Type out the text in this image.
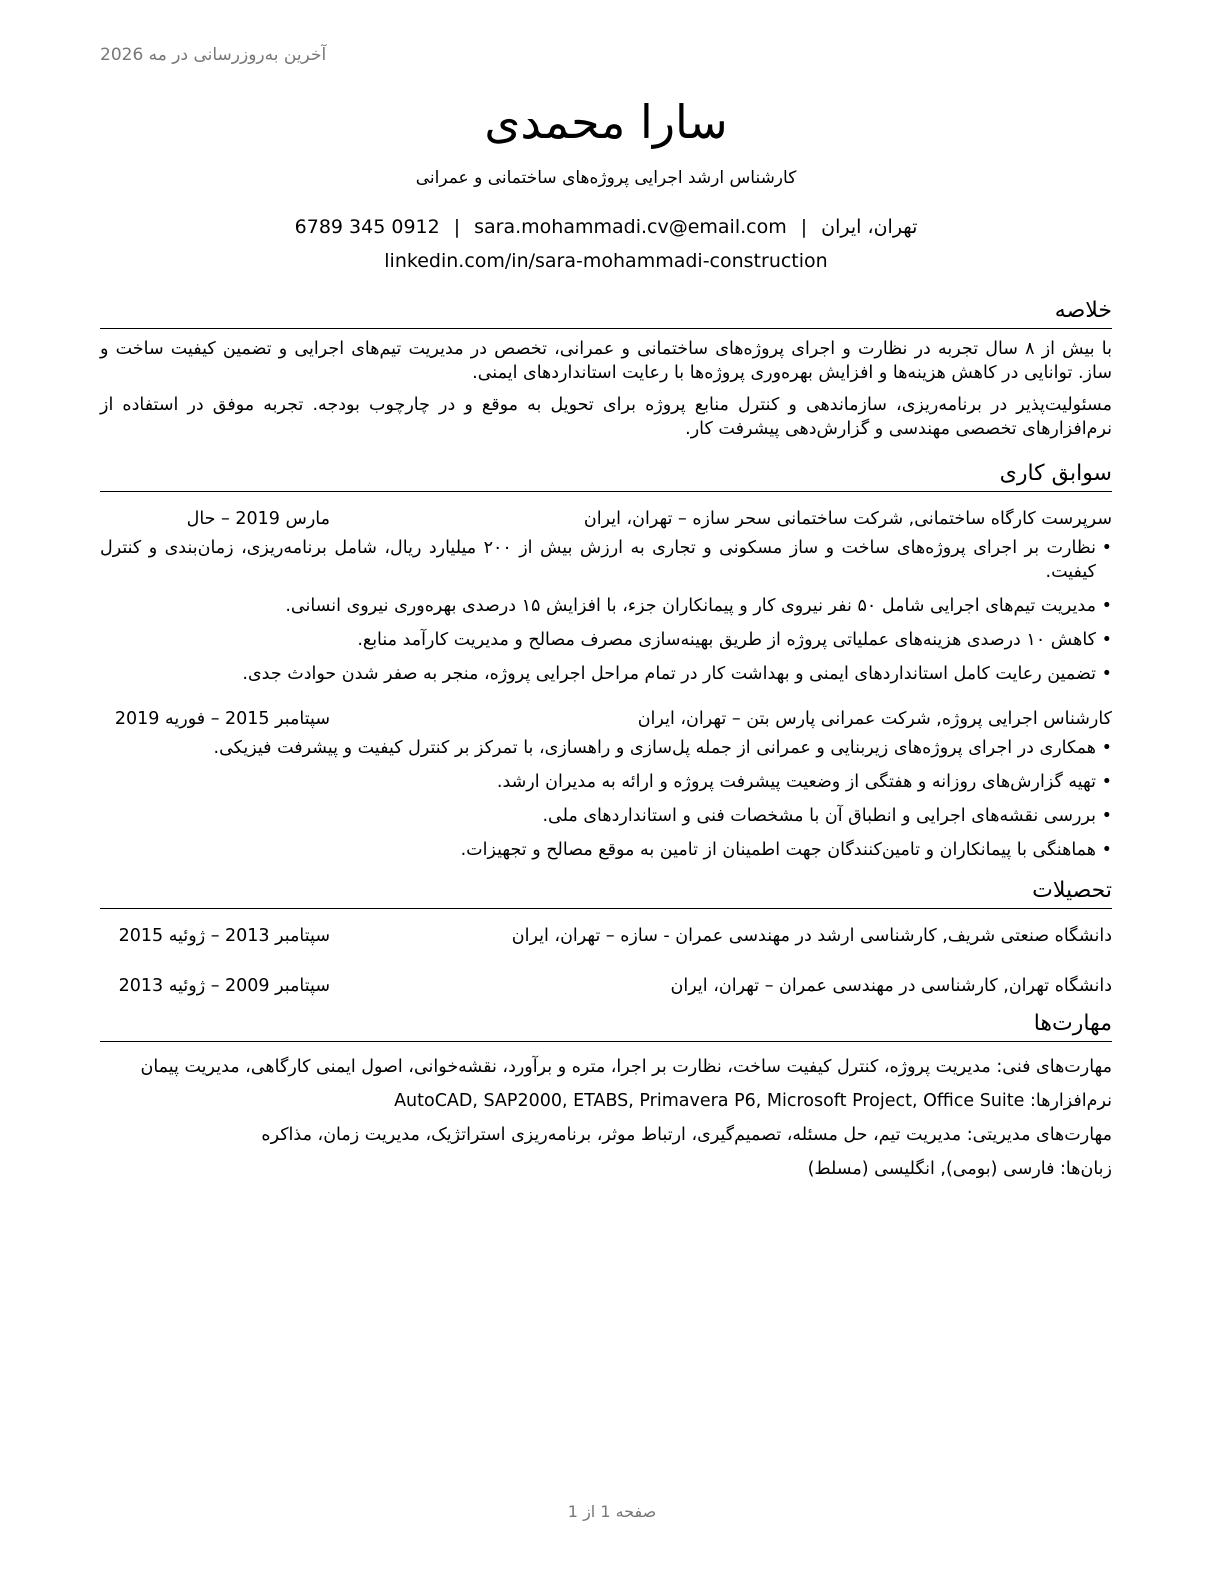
آخرین به‌روزرسانی در مه 2026
سارا محمدی
کارشناس ارشد اجرایی پروژه‌های ساختمانی و عمرانی
تهران، ایران|sara.mohammadi.cv@email.com|0912 345 6789
linkedin.com/in/sara-mohammadi-construction
خلاصه
با بیش از ۸ سال تجربه در نظارت و اجرای پروژه‌های ساختمانی و عمرانی، تخصص در مدیریت تیم‌های اجرایی و تضمین کیفیت ساخت و ساز. توانایی در کاهش هزینه‌ها و افزایش بهره‌وری پروژه‌ها با رعایت استانداردهای ایمنی.
مسئولیت‌پذیر در برنامه‌ریزی، سازماندهی و کنترل منابع پروژه برای تحویل به موقع و در چارچوب بودجه. تجربه موفق در استفاده از نرم‌افزارهای تخصصی مهندسی و گزارش‌دهی پیشرفت کار.
سوابق کاری
سرپرست کارگاه ساختمانی, شرکت ساختمانی سحر سازه – تهران، ایران
مارس 2019 – حال
• نظارت بر اجرای پروژه‌های ساخت و ساز مسکونی و تجاری به ارزش بیش از ۲۰۰ میلیارد ریال، شامل برنامه‌ریزی، زمان‌بندی و کنترل کیفیت.
• مدیریت تیم‌های اجرایی شامل ۵۰ نفر نیروی کار و پیمانکاران جزء، با افزایش ۱۵ درصدی بهره‌وری نیروی انسانی.
• کاهش ۱۰ درصدی هزینه‌های عملیاتی پروژه از طریق بهینه‌سازی مصرف مصالح و مدیریت کارآمد منابع.
• تضمین رعایت کامل استانداردهای ایمنی و بهداشت کار در تمام مراحل اجرایی پروژه، منجر به صفر شدن حوادث جدی.
کارشناس اجرایی پروژه, شرکت عمرانی پارس بتن – تهران، ایران
سپتامبر 2015 – فوریه 2019
• همکاری در اجرای پروژه‌های زیربنایی و عمرانی از جمله پل‌سازی و راهسازی، با تمرکز بر کنترل کیفیت و پیشرفت فیزیکی.
• تهیه گزارش‌های روزانه و هفتگی از وضعیت پیشرفت پروژه و ارائه به مدیران ارشد.
• بررسی نقشه‌های اجرایی و انطباق آن با مشخصات فنی و استانداردهای ملی.
• هماهنگی با پیمانکاران و تامین‌کنندگان جهت اطمینان از تامین به موقع مصالح و تجهیزات.
تحصیلات
دانشگاه صنعتی شریف, کارشناسی ارشد در مهندسی عمران - سازه – تهران، ایران
سپتامبر 2013 – ژوئیه 2015
دانشگاه تهران, کارشناسی در مهندسی عمران – تهران، ایران
سپتامبر 2009 – ژوئیه 2013
مهارت‌ها
مهارت‌های فنی: مدیریت پروژه، کنترل کیفیت ساخت، نظارت بر اجرا، متره و برآورد، نقشه‌خوانی، اصول ایمنی کارگاهی، مدیریت پیمان
نرم‌افزارها: AutoCAD, SAP2000, ETABS, Primavera P6, Microsoft Project, Office Suite
مهارت‌های مدیریتی: مدیریت تیم، حل مسئله، تصمیم‌گیری، ارتباط موثر، برنامه‌ریزی استراتژیک، مدیریت زمان، مذاکره
زبان‌ها: فارسی (بومی), انگلیسی (مسلط)
صفحه 1 از 1
